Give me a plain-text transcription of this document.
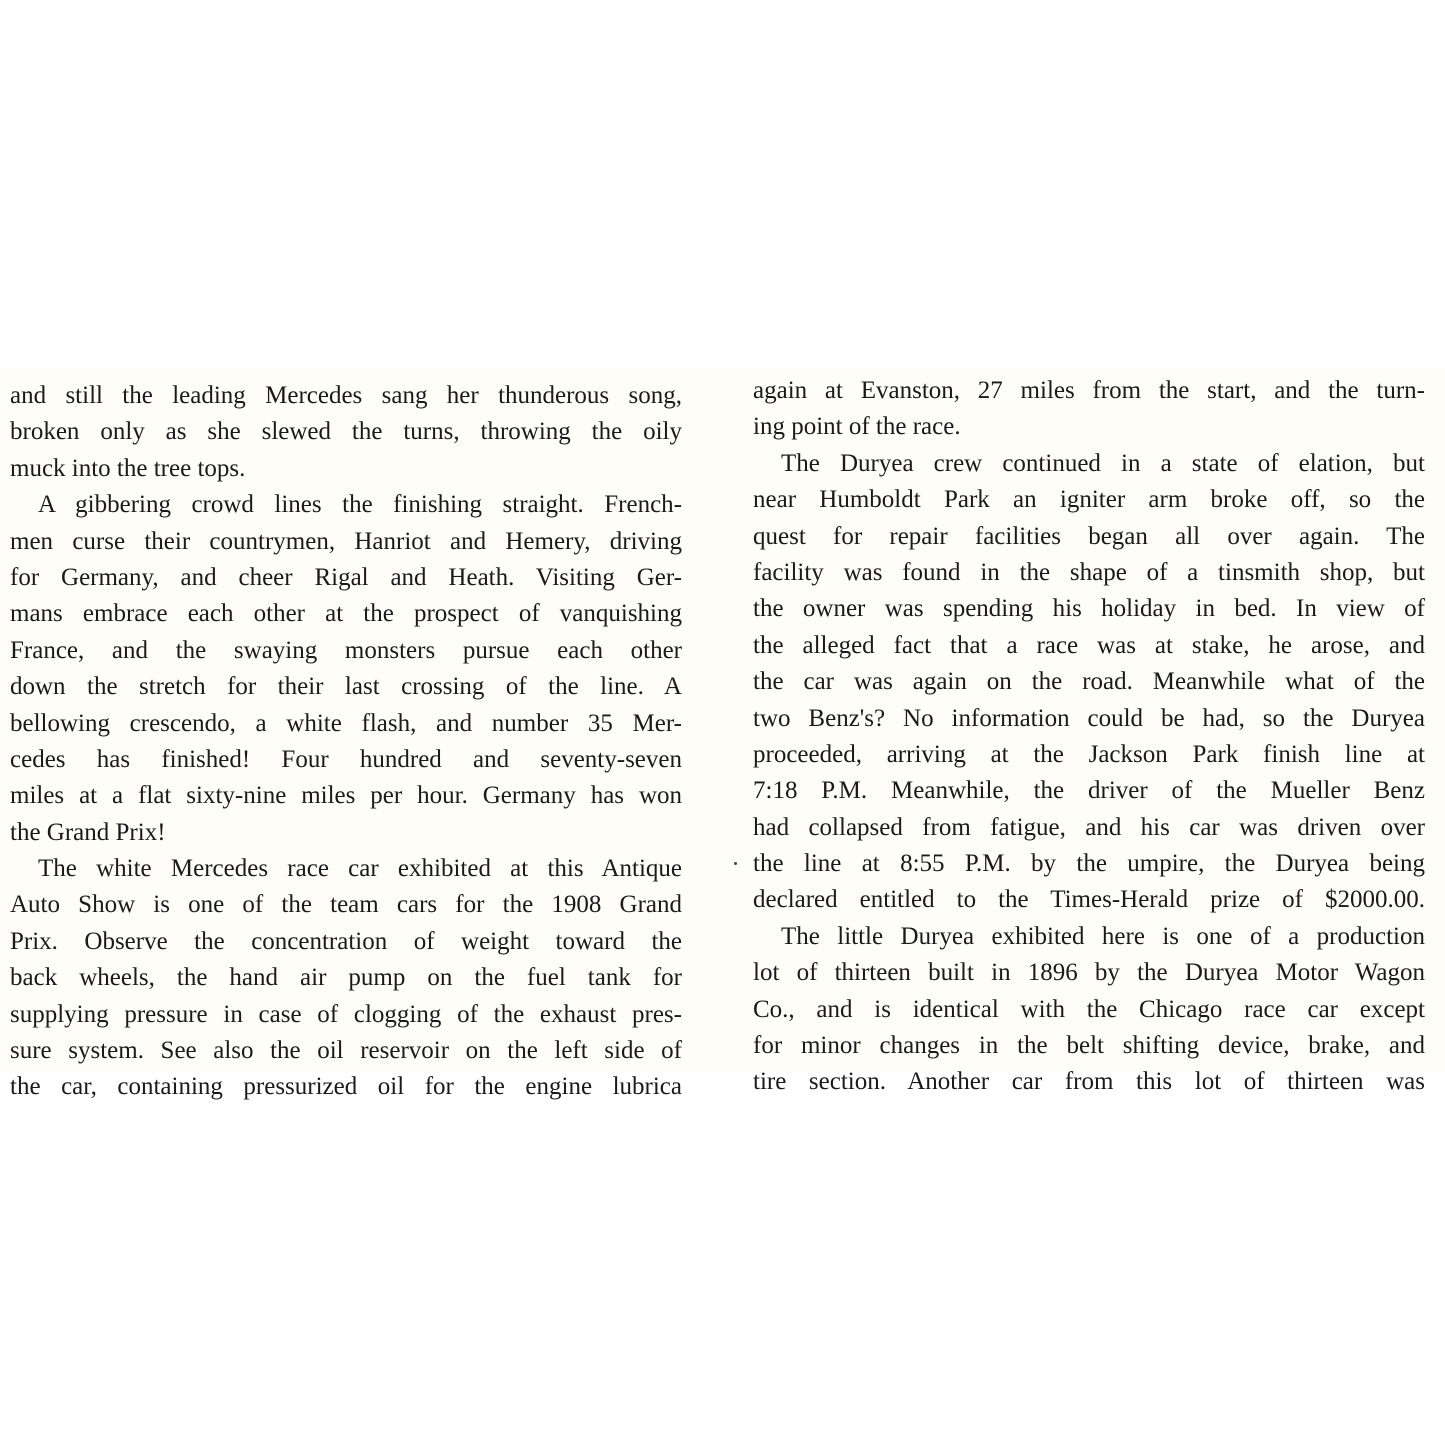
and still the leading Mercedes sang her thunderous song,
broken only as she slewed the turns, throwing the oily
muck into the tree tops.
A gibbering crowd lines the finishing straight. French-
men curse their countrymen, Hanriot and Hemery, driving
for Germany, and cheer Rigal and Heath. Visiting Ger-
mans embrace each other at the prospect of vanquishing
France, and the swaying monsters pursue each other
down the stretch for their last crossing of the line. A
bellowing crescendo, a white flash, and number 35 Mer-
cedes has finished! Four hundred and seventy-seven
miles at a flat sixty-nine miles per hour. Germany has won
the Grand Prix!
The white Mercedes race car exhibited at this Antique
Auto Show is one of the team cars for the 1908 Grand
Prix. Observe the concentration of weight toward the
back wheels, the hand air pump on the fuel tank for
supplying pressure in case of clogging of the exhaust pres-
sure system. See also the oil reservoir on the left side of
the car, containing pressurized oil for the engine lubrica
again at Evanston, 27 miles from the start, and the turn-
ing point of the race.
The Duryea crew continued in a state of elation, but
near Humboldt Park an igniter arm broke off, so the
quest for repair facilities began all over again. The
facility was found in the shape of a tinsmith shop, but
the owner was spending his holiday in bed. In view of
the alleged fact that a race was at stake, he arose, and
the car was again on the road. Meanwhile what of the
two Benz's? No information could be had, so the Duryea
proceeded, arriving at the Jackson Park finish line at
7:18 P.M. Meanwhile, the driver of the Mueller Benz
had collapsed from fatigue, and his car was driven over
the line at 8:55 P.M. by the umpire, the Duryea being
declared entitled to the Times-Herald prize of $2000.00.
The little Duryea exhibited here is one of a production
lot of thirteen built in 1896 by the Duryea Motor Wagon
Co., and is identical with the Chicago race car except
for minor changes in the belt shifting device, brake, and
tire section. Another car from this lot of thirteen was
